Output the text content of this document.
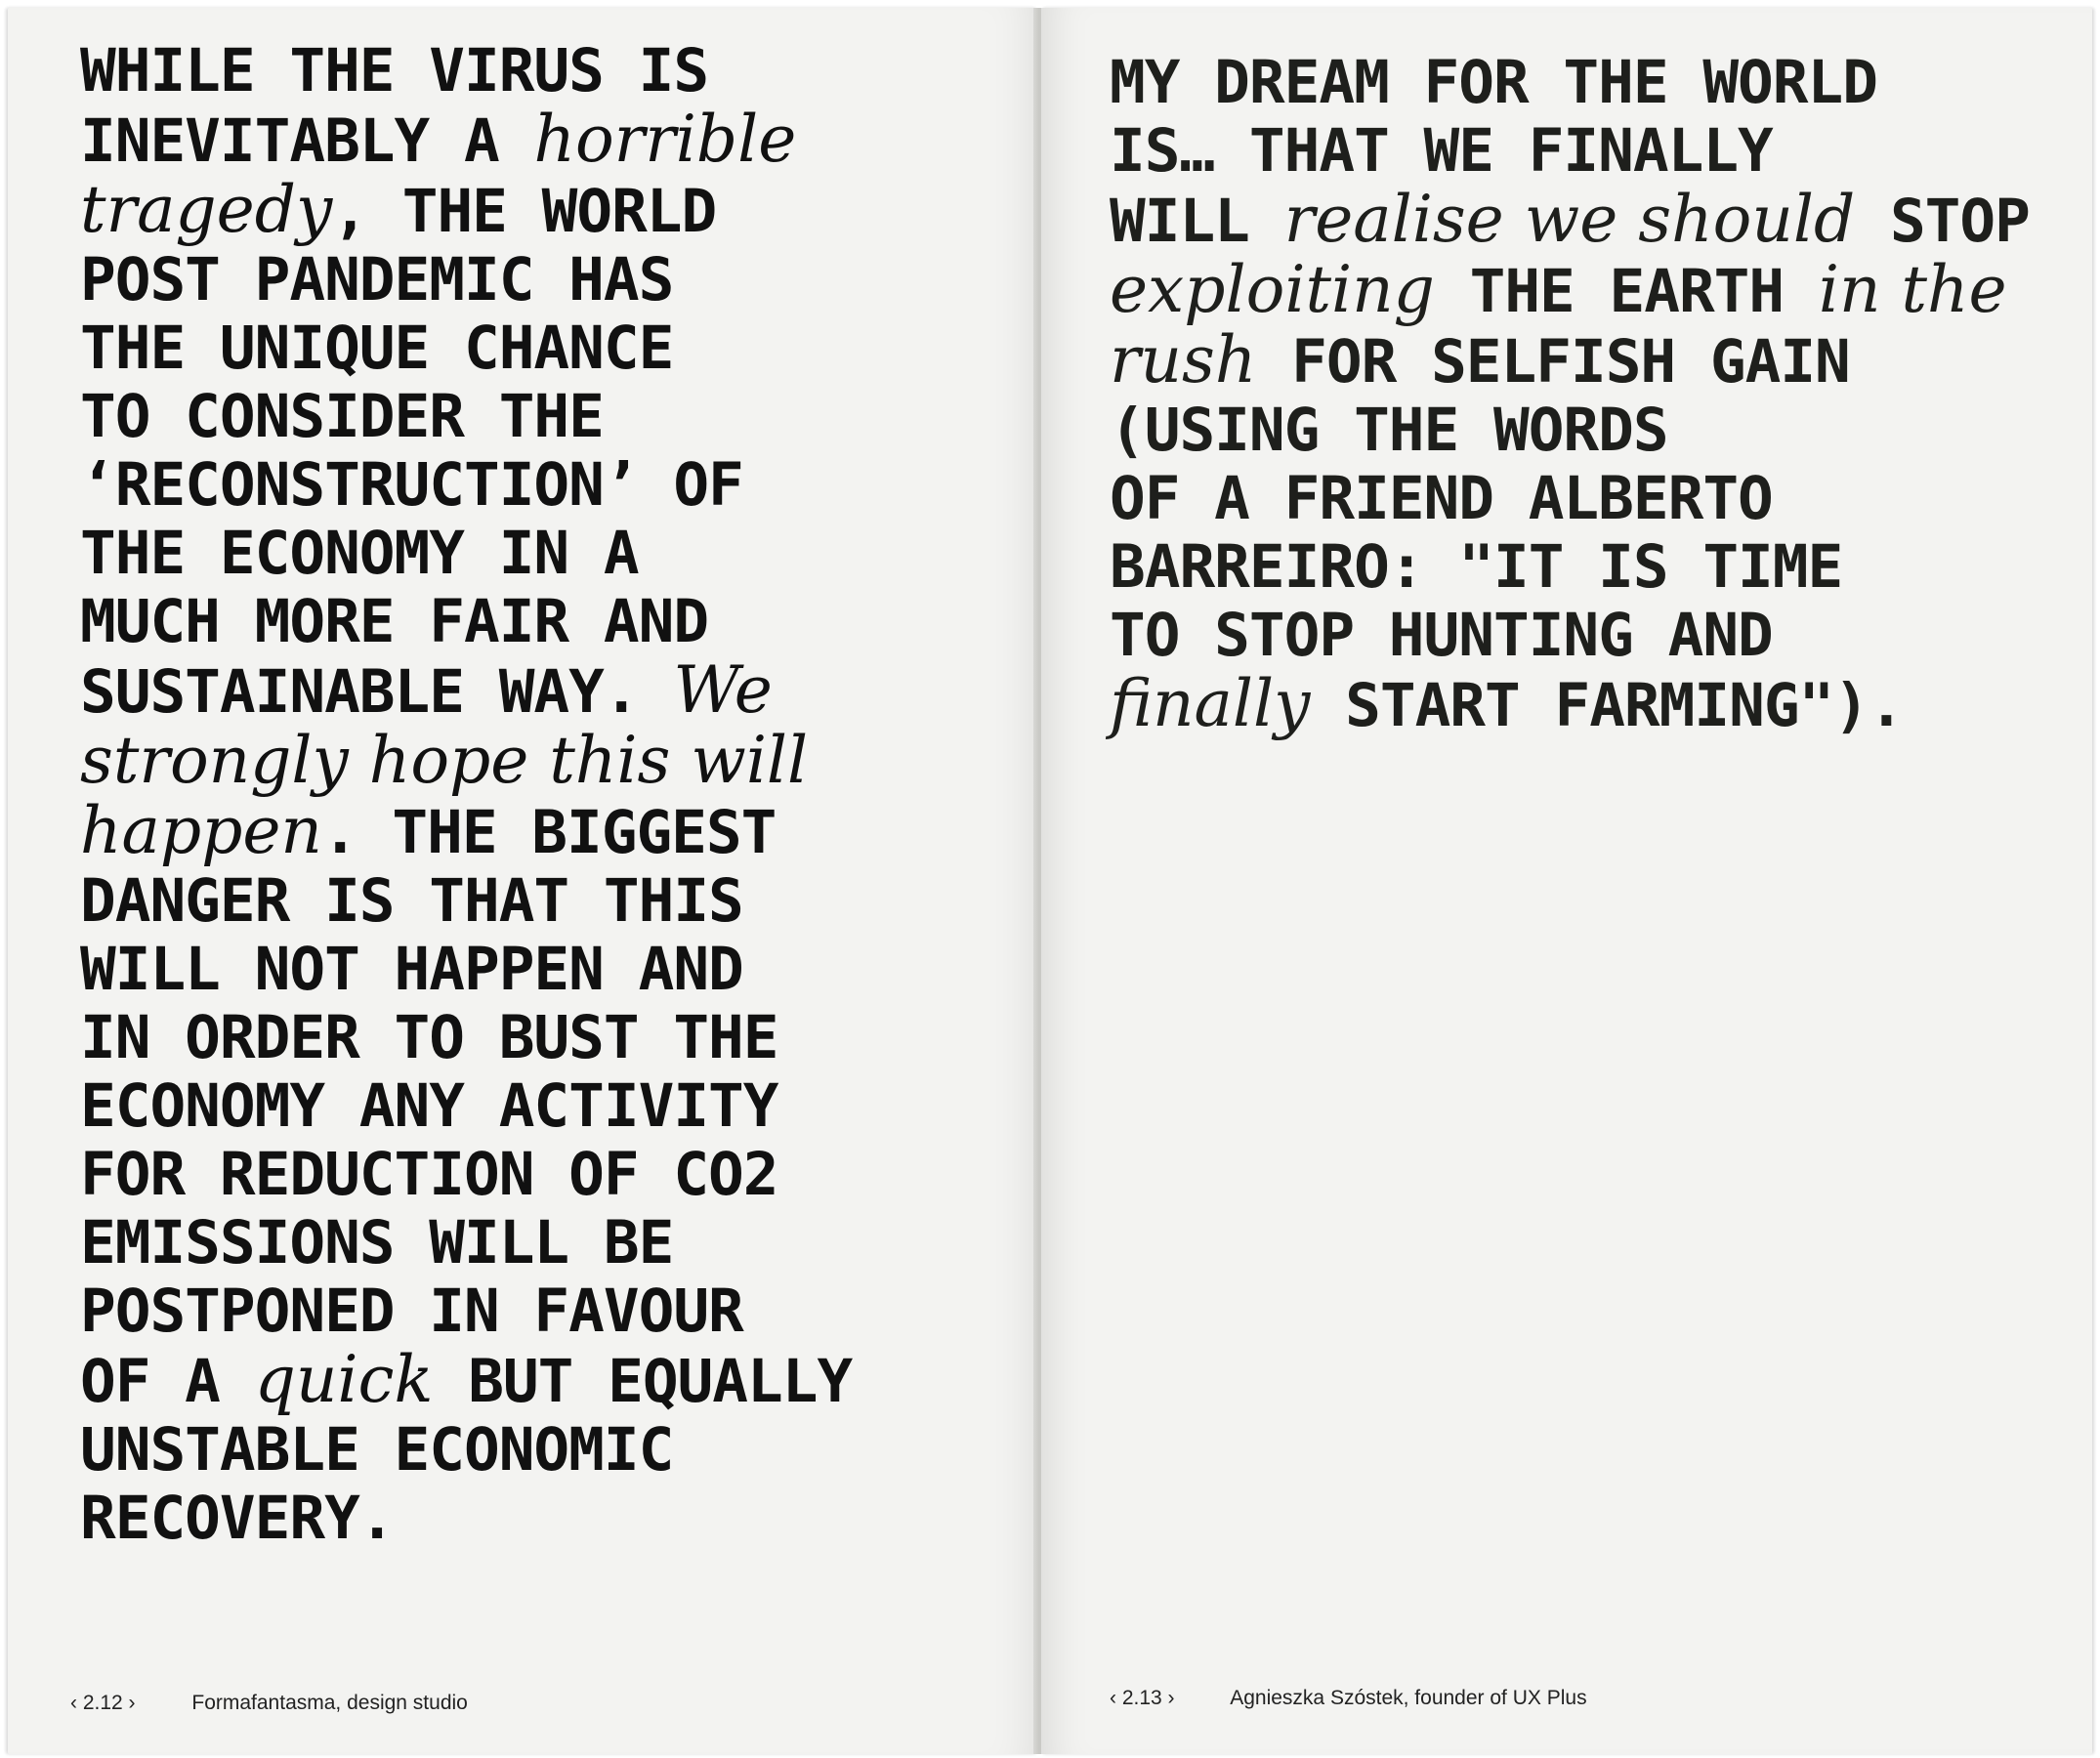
WHILE THE VIRUS IS
INEVITABLY A horrible
tragedy, THE WORLD
POST PANDEMIC HAS
THE UNIQUE CHANCE
TO CONSIDER THE
‘RECONSTRUCTION’ OF
THE ECONOMY IN A
MUCH MORE FAIR AND
SUSTAINABLE WAY. We
strongly hope this will
happen. THE BIGGEST
DANGER IS THAT THIS
WILL NOT HAPPEN AND
IN ORDER TO BUST THE
ECONOMY ANY ACTIVITY
FOR REDUCTION OF CO2
EMISSIONS WILL BE
POSTPONED IN FAVOUR
OF A quick BUT EQUALLY
UNSTABLE ECONOMIC
RECOVERY.

‹ 2.12 ›	Formafantasma, design studio

MY DREAM FOR THE WORLD
IS… THAT WE FINALLY
WILL realise we should STOP
exploiting THE EARTH in the
rush FOR SELFISH GAIN
(USING THE WORDS
OF A FRIEND ALBERTO
BARREIRO: "IT IS TIME
TO STOP HUNTING AND
finally START FARMING").

‹ 2.13 ›	Agnieszka Szóstek, founder of UX Plus
